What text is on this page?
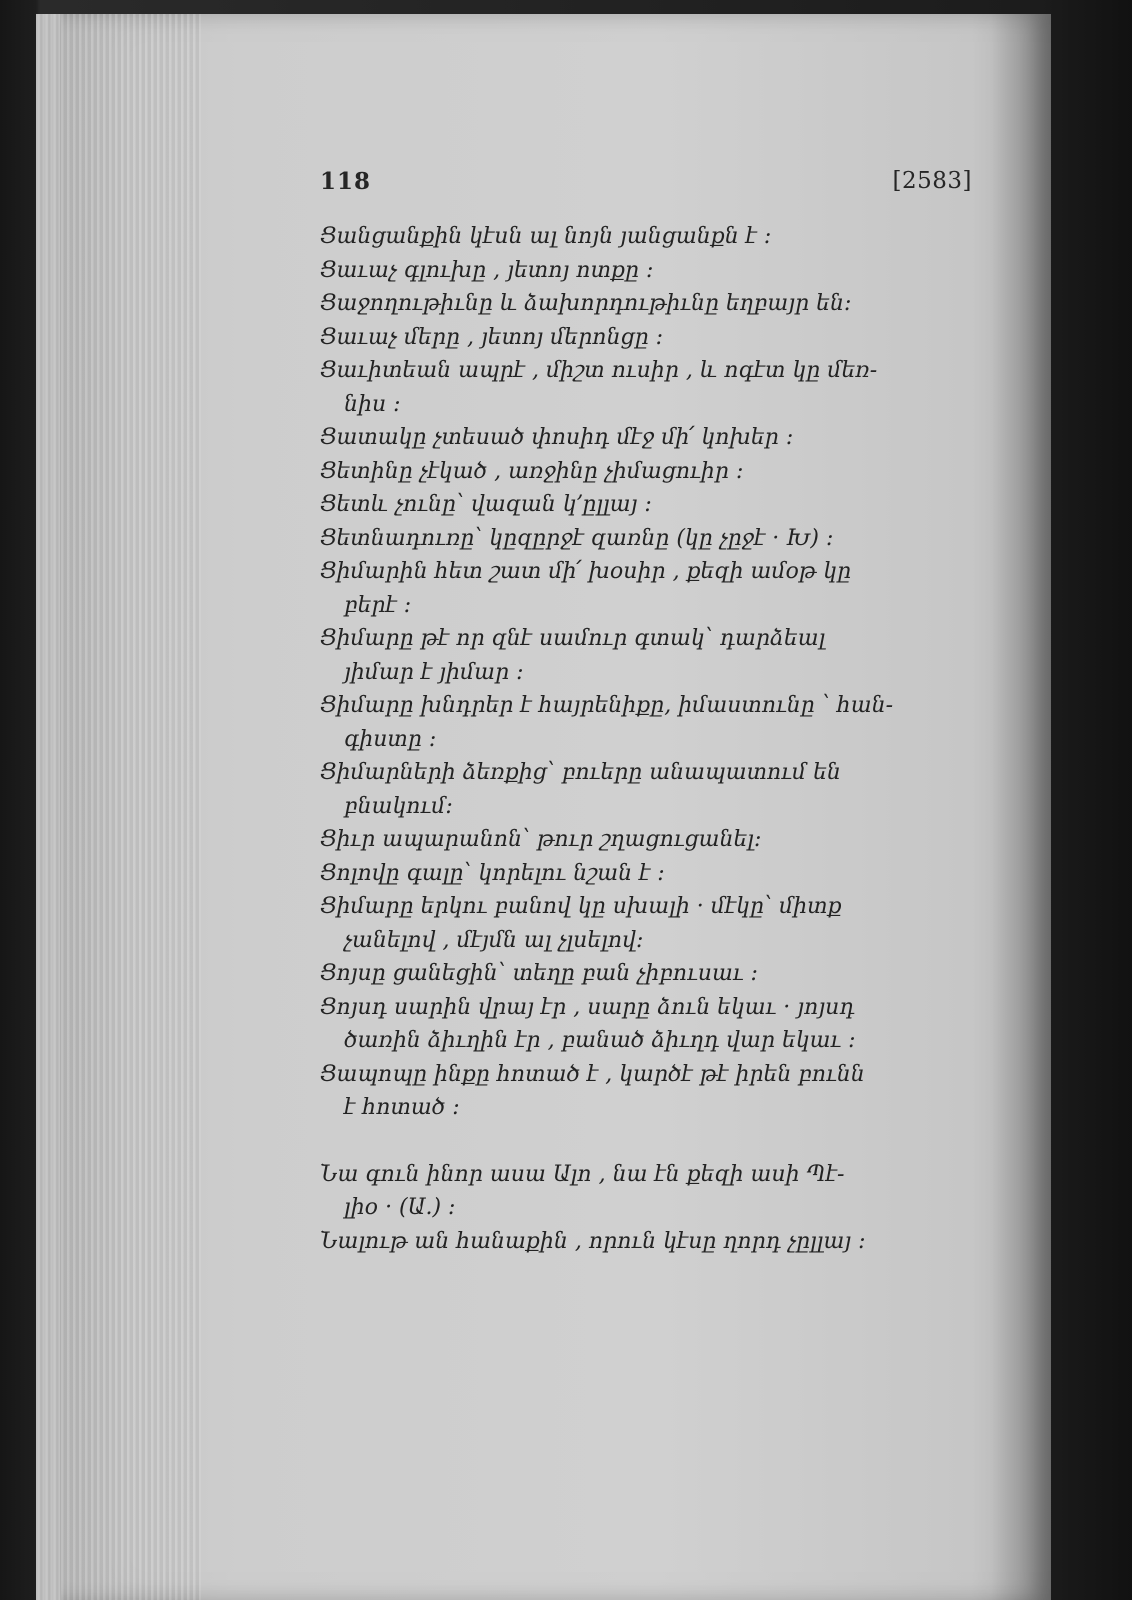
118	[2583]

Ցանցանքին կէսն ալ նոյն յանցանքն է ։

Ցաւաչ գլուխը , յետոյ ոտքը ։

Ցաջողութիւնը և ձախորդութիւնը եղբայր են։

Ցաւաչ մերը , յետոյ մերոնցը ։

Ցաւիտեան ապրէ , միշտ ուսիր , և ոգէտ կը մեռ-
նիս ։

Ցատակը չտեսած փոսիդ մէջ մի՛ կոխեր ։

Ցետինը չէկած , առջինը չիմացուիր ։

Ցետև չունը՝ վազան կ՚ըլլայ ։

Ցետնադուռը՝ կըզըրջէ զառնը (կը չըջէ · Խ) ։

Ցիմարին հետ շատ մի՛ խօսիր , քեզի ամօթ կը
բերէ ։

Ցիմարը թէ որ զնէ սամուր գտակ՝ դարձեալ
յիմար է յիմար ։

Ցիմարը խնդրեր է հայրենիքը, իմաստունը ՝ հան-
գիստը ։

Ցիմարների ձեռքից՝ բուերը անապատում են
բնակում։

Ցիւր ապարանոն՝ թուր շղացուցանել։

Ցոլովը գալը՝ կորելու նշան է ։

Ցիմարը երկու բանով կը սխալի · մէկը՝ միտք
չանելով , մէյմն ալ չլսելով։

Ցոյսը ցանեցին՝ տեղը բան չիբուսաւ ։

Ցոյսդ սարին վրայ էր , սարը ձուն եկաւ · յոյսդ
ծառին ձիւղին էր , բանած ձիւղդ վար եկաւ ։

Ցապոպը ինքը հոտած է , կարծէ թէ իրեն բունն
է հոտած ։

Նա գուն ինոր ասա Ալո , նա էն քեզի ասի Պէ-
լիօ · (Ա.) ։

Նալութ ան հանաքին , որուն կէսը ղորդ չըլլայ ։
